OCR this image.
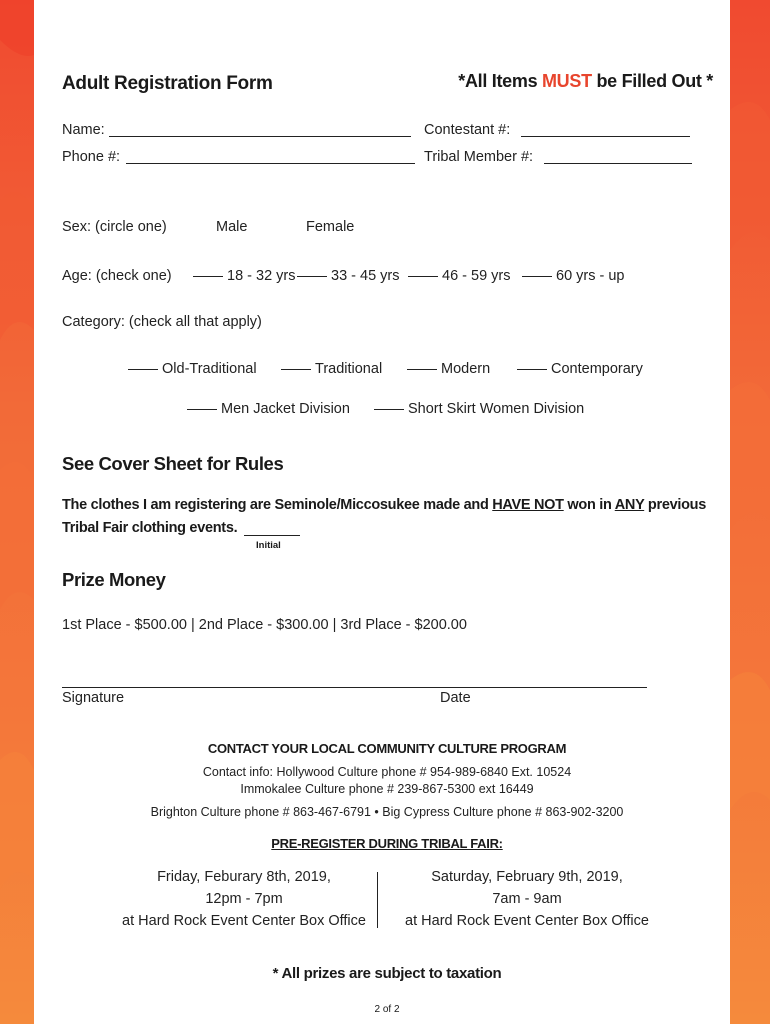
Adult Registration Form	*All Items MUST be Filled Out *
Name:	Contestant #:
Phone #:	Tribal Member #:
Sex: (circle one)	Male	Female
Age: (check one)	18 - 32 yrs	33 - 45 yrs	46 - 59 yrs	60 yrs - up
Category: (check all that apply)
Old-Traditional	Traditional	Modern	Contemporary
Men Jacket Division	Short Skirt Women Division
See Cover Sheet for Rules
The clothes I am registering are Seminole/Miccosukee made and HAVE NOT won in ANY previous
Tribal Fair clothing events.
Initial
Prize Money
1st Place - $500.00 | 2nd Place - $300.00 | 3rd Place - $200.00
Signature	Date
CONTACT YOUR LOCAL COMMUNITY CULTURE PROGRAM
Contact info: Hollywood Culture phone # 954-989-6840 Ext. 10524
Immokalee Culture phone # 239-867-5300 ext 16449
Brighton Culture phone # 863-467-6791 • Big Cypress Culture phone # 863-902-3200
PRE-REGISTER DURING TRIBAL FAIR:
Friday, Feburary 8th, 2019,
12pm - 7pm
at Hard Rock Event Center Box Office
Saturday, February 9th, 2019,
7am - 9am
at Hard Rock Event Center Box Office
* All prizes are subject to taxation
2 of 2
